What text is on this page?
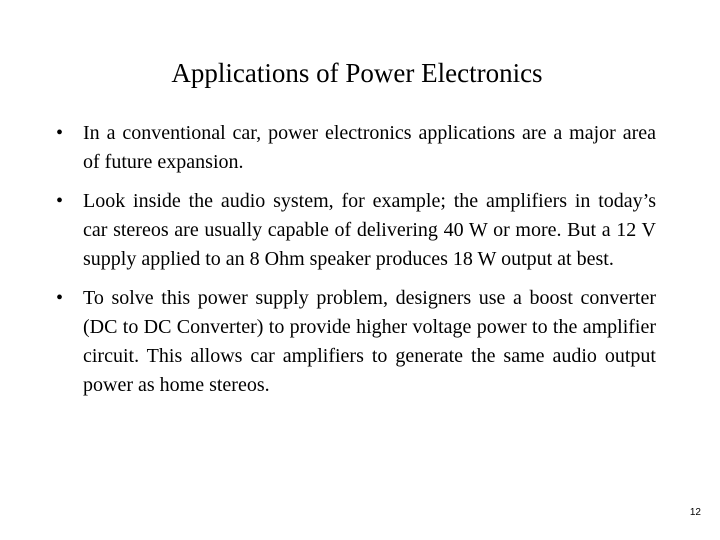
Applications of Power Electronics
• In a conventional car, power electronics applications are a major area of future expansion.
• Look inside the audio system, for example; the amplifiers in today’s car stereos are usually capable of delivering 40 W or more. But a 12 V supply applied to an 8 Ohm speaker produces 18 W output at best.
• To solve this power supply problem, designers use a boost converter (DC to DC Converter) to provide higher voltage power to the amplifier circuit. This allows car amplifiers to generate the same audio output power as home stereos.
12
